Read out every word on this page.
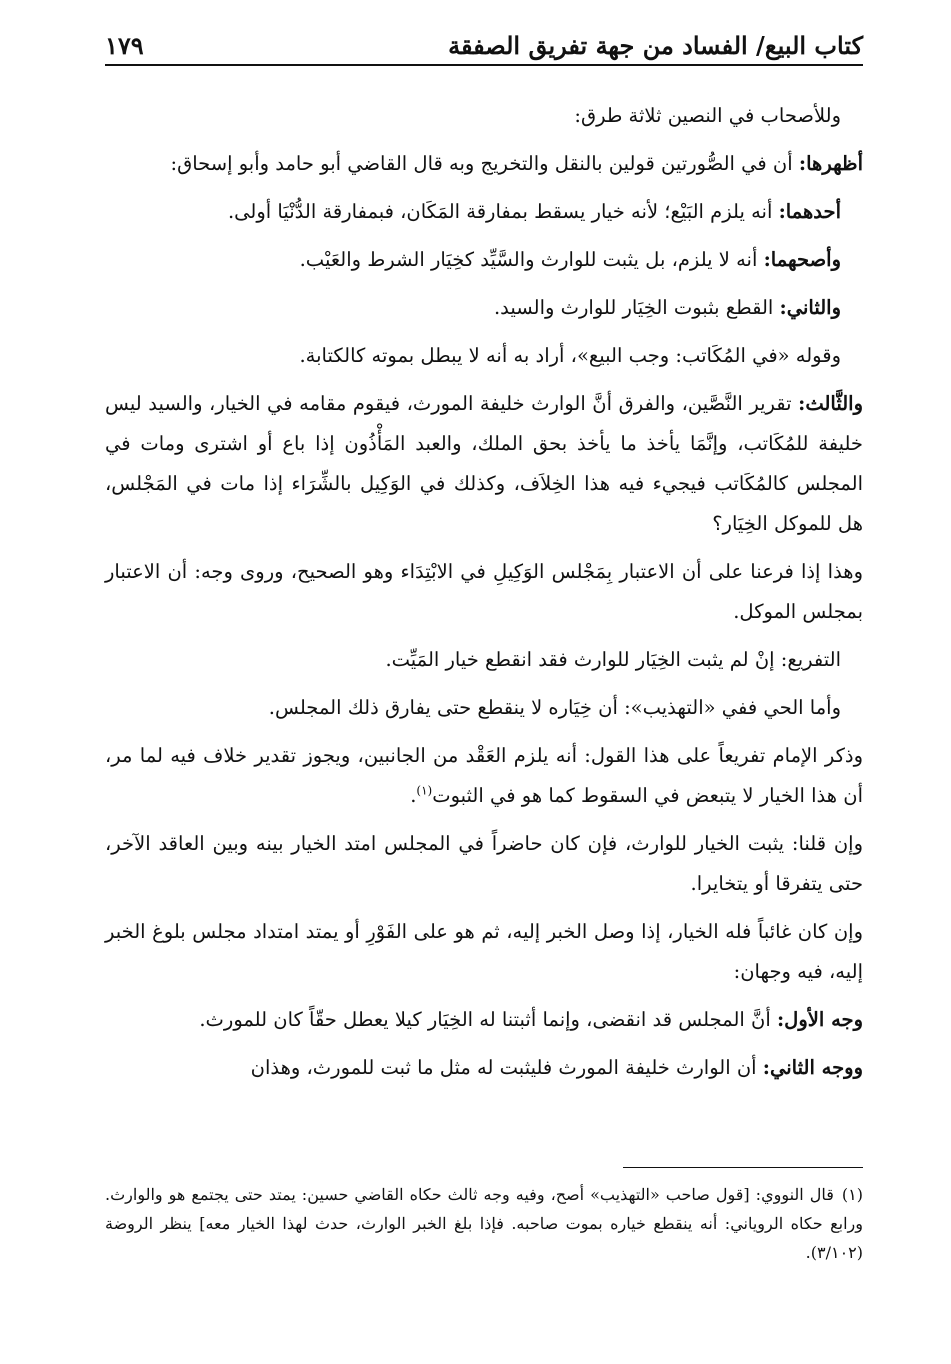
كتاب البيع/ الفساد من جهة تفريق الصفقة
١٧٩

وللأصحاب في النصين ثلاثة طرق:

أظهرها: أن في الصُّورتين قولين بالنقل والتخريج وبه قال القاضي أبو حامد وأبو إسحاق:

أحدهما: أنه يلزم البَيْع؛ لأنه خيار يسقط بمفارقة المَكَان، فبمفارقة الدُّنْيَا أولى.

وأصحهما: أنه لا يلزم، بل يثبت للوارث والسَّيِّد كخِيَار الشرط والعَيْب.

والثاني: القطع بثبوت الخِيَار للوارث والسيد.

وقوله «في المُكَاتب: وجب البيع»، أراد به أنه لا يبطل بموته كالكتابة.

والثَّالث: تقرير النَّصَّين، والفرق أنَّ الوارث خليفة المورث، فيقوم مقامه في الخيار، والسيد ليس خليفة للمُكَاتب، وإنَّمَا يأخذ ما يأخذ بحق الملك، والعبد المَأْذُون إذا باع أو اشترى ومات في المجلس كالمُكَاتب فيجيء فيه هذا الخِلاَف، وكذلك في الوَكِيل بالشِّرَاء إذا مات في المَجْلس، هل للموكل الخِيَار؟

وهذا إذا فرعنا على أن الاعتبار بِمَجْلس الوَكِيلِ في الابْتِدَاء وهو الصحيح، وروى وجه: أن الاعتبار بمجلس الموكل.

التفريع: إنْ لم يثبت الخِيَار للوارث فقد انقطع خيار المَيِّت.

وأما الحي ففي «التهذيب»: أن خِيَاره لا ينقطع حتى يفارق ذلك المجلس.

وذكر الإمام تفريعاً على هذا القول: أنه يلزم العَقْد من الجانبين، ويجوز تقدير خلاف فيه لما مر، أن هذا الخيار لا يتبعض في السقوط كما هو في الثبوت$^{(١)}$.

وإن قلنا: يثبت الخيار للوارث، فإن كان حاضراً في المجلس امتد الخيار بينه وبين العاقد الآخر، حتى يتفرقا أو يتخايرا.

وإن كان غائباً فله الخيار، إذا وصل الخبر إليه، ثم هو على الفَوْرِ أو يمتد امتداد مجلس بلوغ الخبر إليه، فيه وجهان:

وجه الأول: أنَّ المجلس قد انقضى، وإنما أثبتنا له الخِيَار كيلا يعطل حقّاً كان للمورث.

ووجه الثاني: أن الوارث خليفة المورث فليثبت له مثل ما ثبت للمورث، وهذان

(١)قال النووي: [قول صاحب «التهذيب» أصح، وفيه وجه ثالث حكاه القاضي حسين: يمتد حتى يجتمع هو والوارث. ورابع حكاه الروياني: أنه ينقطع خياره بموت صاحبه. فإذا بلغ الخبر الوارث، حدث لهذا الخيار معه] ينظر الروضة (٣/١٠٢).
